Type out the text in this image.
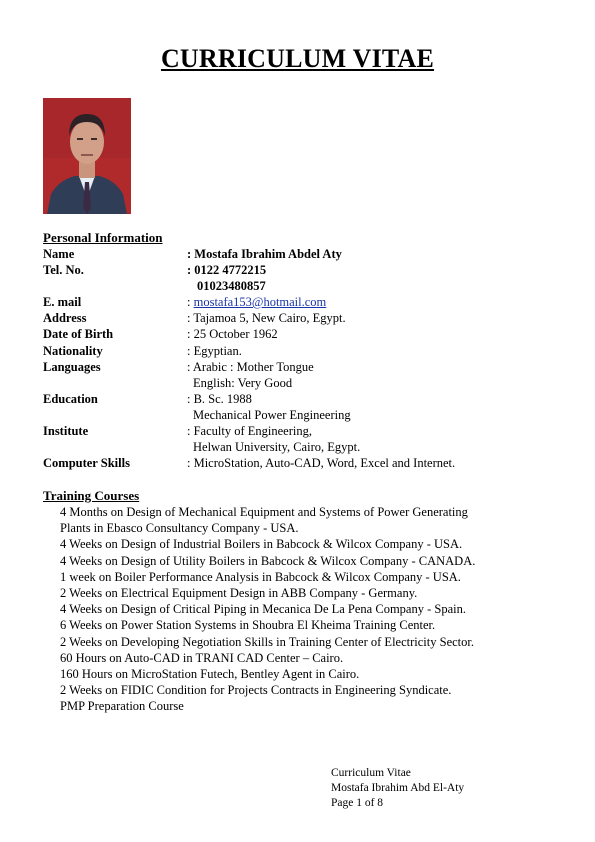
CURRICULUM VITAE
Personal Information
Name	: Mostafa Ibrahim Abdel Aty
Tel. No.	: 0122 4772215
01023480857
E. mail	: mostafa153@hotmail.com
Address	: Tajamoa 5, New Cairo, Egypt.
Date of Birth	: 25 October 1962
Nationality	: Egyptian.
Languages	: Arabic : Mother Tongue
English: Very Good
Education	: B. Sc. 1988
Mechanical Power Engineering
Institute	: Faculty of Engineering,
Helwan University, Cairo, Egypt.
Computer Skills	: MicroStation, Auto-CAD, Word, Excel and Internet.
Training Courses
4 Months on Design of Mechanical Equipment and Systems of Power Generating
Plants in Ebasco Consultancy Company - USA.
4 Weeks on Design of Industrial Boilers in Babcock & Wilcox Company - USA.
4 Weeks on Design of Utility Boilers in Babcock & Wilcox Company - CANADA.
1 week on Boiler Performance Analysis in Babcock & Wilcox Company - USA.
2 Weeks on Electrical Equipment Design in ABB Company - Germany.
4 Weeks on Design of Critical Piping in Mecanica De La Pena Company - Spain.
6 Weeks on Power Station Systems in Shoubra El Kheima Training Center.
2 Weeks on Developing Negotiation Skills in Training Center of Electricity Sector.
60 Hours on Auto-CAD in TRANI CAD Center – Cairo.
160 Hours on MicroStation Futech, Bentley Agent in Cairo.
2 Weeks on FIDIC Condition for Projects Contracts in Engineering Syndicate.
PMP Preparation Course
Curriculum Vitae
Mostafa Ibrahim Abd El-Aty
Page 1 of 8
